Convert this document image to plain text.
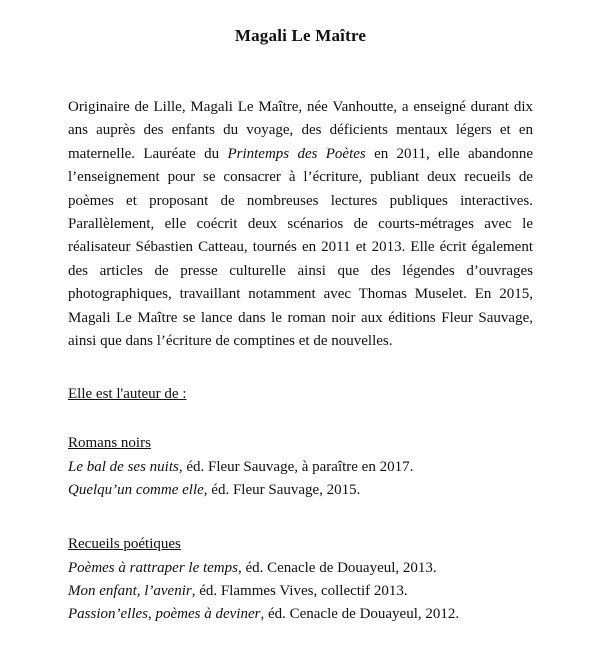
Magali Le Maître

Originaire de Lille, Magali Le Maître, née Vanhoutte, a enseigné durant dix ans auprès des enfants du voyage, des déficients mentaux légers et en maternelle. Lauréate du Printemps des Poètes en 2011, elle abandonne l’enseignement pour se consacrer à l’écriture, publiant deux recueils de poèmes et proposant de nombreuses lectures publiques interactives. Parallèlement, elle coécrit deux scénarios de courts-métrages avec le réalisateur Sébastien Catteau, tournés en 2011 et 2013. Elle écrit également des articles de presse culturelle ainsi que des légendes d’ouvrages photographiques, travaillant notamment avec Thomas Muselet. En 2015, Magali Le Maître se lance dans le roman noir aux éditions Fleur Sauvage, ainsi que dans l’écriture de comptines et de nouvelles.

Elle est l'auteur de :

Romans noirs

Le bal de ses nuits, éd. Fleur Sauvage, à paraître en 2017.

Quelqu’un comme elle, éd. Fleur Sauvage, 2015.

Recueils poétiques

Poèmes à rattraper le temps, éd. Cenacle de Douayeul, 2013.

Mon enfant, l’avenir, éd. Flammes Vives, collectif 2013.

Passion’elles, poèmes à deviner, éd. Cenacle de Douayeul, 2012.
